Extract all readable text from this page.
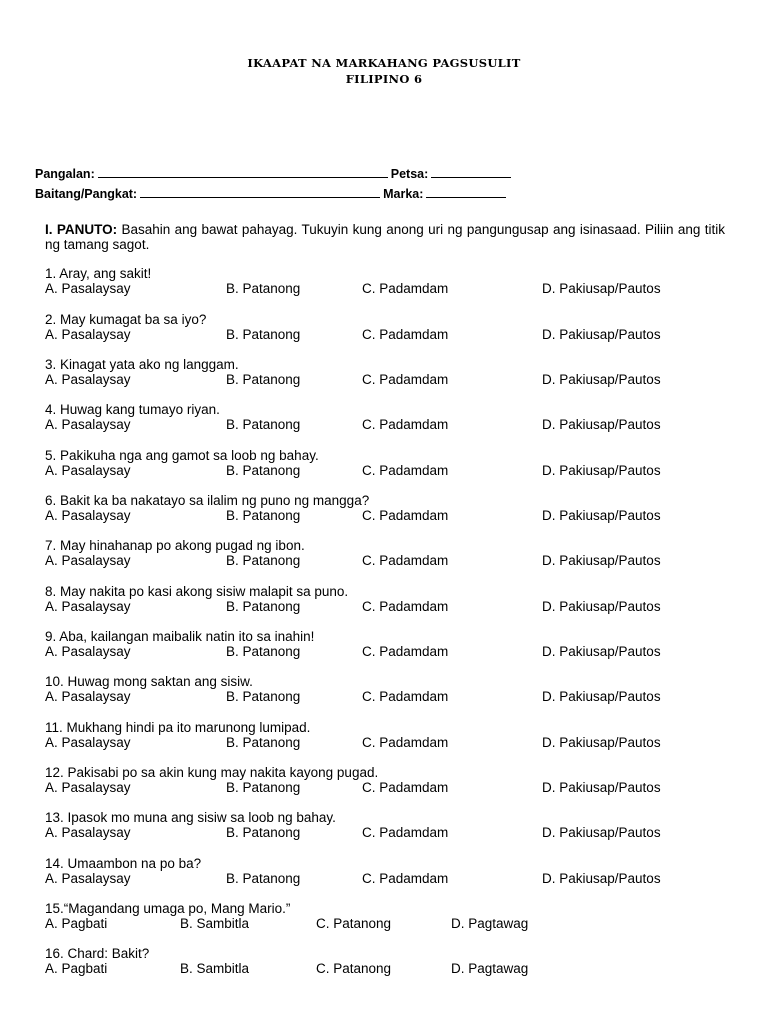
IKAAPAT NA MARKAHANG PAGSUSULIT
FILIPINO 6
Pangalan:	Petsa:
Baitang/Pangkat:	Marka:
I. PANUTO: Basahin ang bawat pahayag. Tukuyin kung anong uri ng pangungusap ang isinasaad. Piliin ang titik ng tamang sagot.
1. Aray, ang sakit!
A. Pasalaysay	B. Patanong	C. Padamdam	D. Pakiusap/Pautos
2. May kumagat ba sa iyo?
A. Pasalaysay	B. Patanong	C. Padamdam	D. Pakiusap/Pautos
3. Kinagat yata ako ng langgam.
A. Pasalaysay	B. Patanong	C. Padamdam	D. Pakiusap/Pautos
4. Huwag kang tumayo riyan.
A. Pasalaysay	B. Patanong	C. Padamdam	D. Pakiusap/Pautos
5. Pakikuha nga ang gamot sa loob ng bahay.
A. Pasalaysay	B. Patanong	C. Padamdam	D. Pakiusap/Pautos
6. Bakit ka ba nakatayo sa ilalim ng puno ng mangga?
A. Pasalaysay	B. Patanong	C. Padamdam	D. Pakiusap/Pautos
7. May hinahanap po akong pugad ng ibon.
A. Pasalaysay	B. Patanong	C. Padamdam	D. Pakiusap/Pautos
8. May nakita po kasi akong sisiw malapit sa puno.
A. Pasalaysay	B. Patanong	C. Padamdam	D. Pakiusap/Pautos
9. Aba, kailangan maibalik natin ito sa inahin!
A. Pasalaysay	B. Patanong	C. Padamdam	D. Pakiusap/Pautos
10. Huwag mong saktan ang sisiw.
A. Pasalaysay	B. Patanong	C. Padamdam	D. Pakiusap/Pautos
11. Mukhang hindi pa ito marunong lumipad.
A. Pasalaysay	B. Patanong	C. Padamdam	D. Pakiusap/Pautos
12. Pakisabi po sa akin kung may nakita kayong pugad.
A. Pasalaysay	B. Patanong	C. Padamdam	D. Pakiusap/Pautos
13. Ipasok mo muna ang sisiw sa loob ng bahay.
A. Pasalaysay	B. Patanong	C. Padamdam	D. Pakiusap/Pautos
14. Umaambon na po ba?
A. Pasalaysay	B. Patanong	C. Padamdam	D. Pakiusap/Pautos
15.“Magandang umaga po, Mang Mario.”
A. Pagbati	B. Sambitla	C. Patanong	D. Pagtawag
16. Chard: Bakit?
A. Pagbati	B. Sambitla	C. Patanong	D. Pagtawag
